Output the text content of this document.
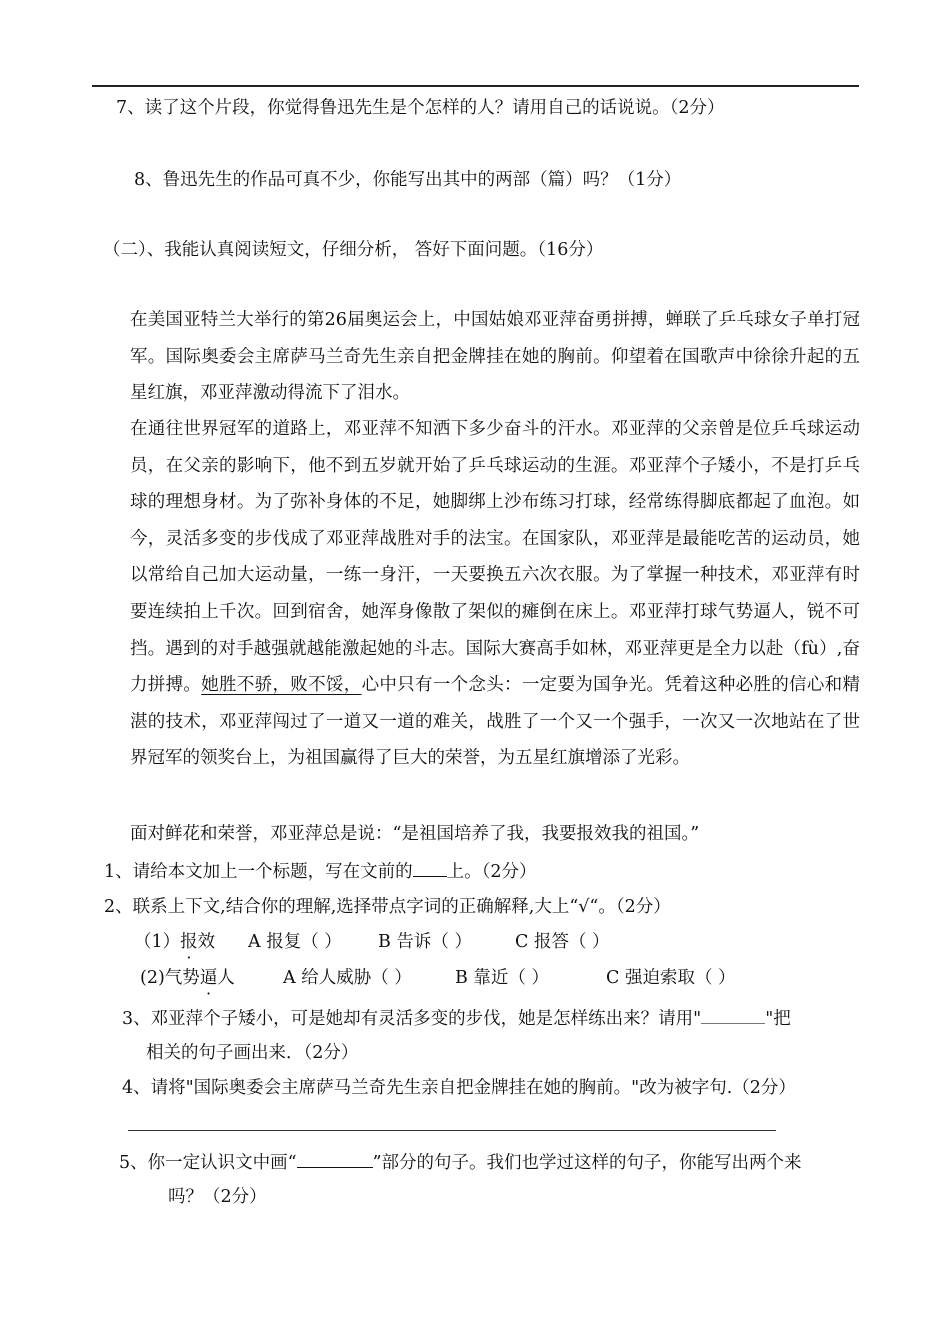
7、读了这个片段，你觉得鲁迅先生是个怎样的人？请用自己的话说说。（2分）
8、鲁迅先生的作品可真不少，你能写出其中的两部（篇）吗？（1分）
（二）、我能认真阅读短文，仔细分析， 答好下面问题。（16分）
在美国亚特兰大举行的第26届奥运会上，中国姑娘邓亚萍奋勇拼搏，蝉联了乒乓球女子单打冠军。国际奥委会主席萨马兰奇先生亲自把金牌挂在她的胸前。仰望着在国歌声中徐徐升起的五星红旗，邓亚萍激动得流下了泪水。
在通往世界冠军的道路上，邓亚萍不知洒下多少奋斗的汗水。邓亚萍的父亲曾是位乒乓球运动员，在父亲的影响下，他不到五岁就开始了乒乓球运动的生涯。邓亚萍个子矮小，不是打乒乓球的理想身材。为了弥补身体的不足，她脚绑上沙布练习打球，经常练得脚底都起了血泡。如今，灵活多变的步伐成了邓亚萍战胜对手的法宝。在国家队，邓亚萍是最能吃苦的运动员，她以常给自己加大运动量，一练一身汗，一天要换五六次衣服。为了掌握一种技术，邓亚萍有时要连续拍上千次。回到宿舍，她浑身像散了架似的瘫倒在床上。邓亚萍打球气势逼人，锐不可挡。遇到的对手越强就越能激起她的斗志。国际大赛高手如林，邓亚萍更是全力以赴（fù）,奋力拼搏。她胜不骄，败不馁，心中只有一个念头：一定要为国争光。凭着这种必胜的信心和精湛的技术，邓亚萍闯过了一道又一道的难关，战胜了一个又一个强手，一次又一次地站在了世界冠军的领奖台上，为祖国赢得了巨大的荣誉，为五星红旗增添了光彩。
面对鲜花和荣誉，邓亚萍总是说：“是祖国培养了我，我要报效我的祖国。”
1、请给本文加上一个标题，写在文前的 上。（2分）
2、联系上下文,结合你的理解,选择带点字词的正确解释,大上“√“。（2分）
（1）报效 A 报复（ ） B 告诉（ ） C 报答（ ）
(2)气势逼人	A 给人威胁（ ） B 靠近（ ）	C 强迫索取（ ）
3、邓亚萍个子矮小，可是她却有灵活多变的步伐，她是怎样练出来？请用"	"把
相关的句子画出来．（2分）
4、请将"国际奥委会主席萨马兰奇先生亲自把金牌挂在她的胸前。"改为被字句.（2分）
5、你一定认识文中画“	”部分的句子。我们也学过这样的句子，你能写出两个来
吗？（2分）
